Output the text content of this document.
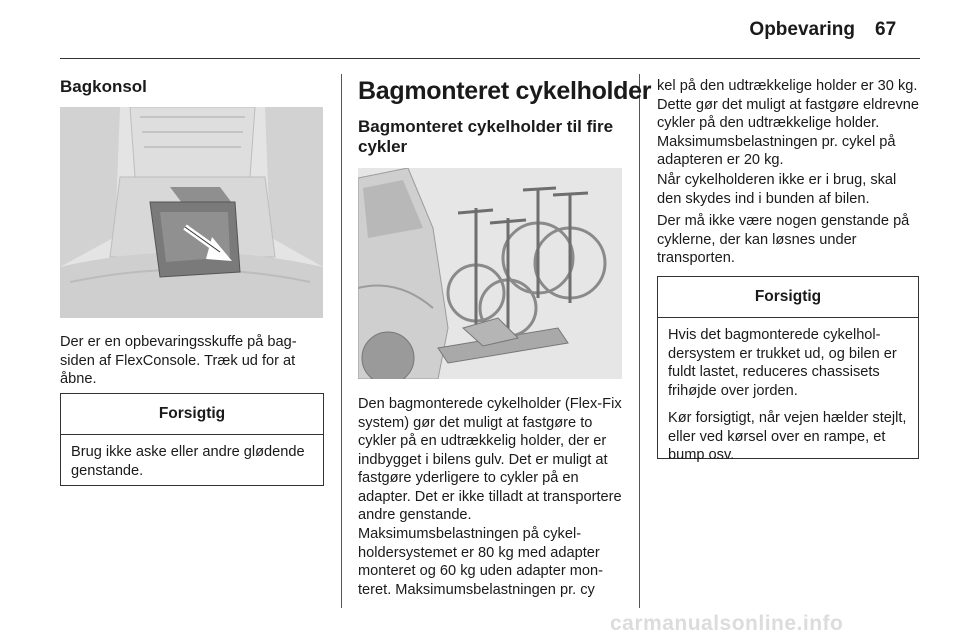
Opbevaring 67
Bagkonsol

Der er en opbevaringsskuffe på bagsiden af FlexConsole. Træk ud for at åbne.

Forsigtig

Brug ikke aske eller andre glødende genstande.

Bagmonteret cykelholder
Bagmonteret cykelholder til fire cykler

Den bagmonterede cykelholder (Flex-Fix system) gør det muligt at fastgøre to cykler på en udtrækkelig holder, der er indbygget i bilens gulv. Det er muligt at fastgøre yderligere to cykler på en adapter. Det er ikke tilladt at transportere andre genstande.

Maksimumsbelastningen på cykelholdersystemet er 80 kg med adapter monteret og 60 kg uden adapter monteret. Maksimumsbelastningen pr. cy

kel på den udtrækkelige holder er 30 kg. Dette gør det muligt at fastgøre eldrevne cykler på den udtrækkelige holder. Maksimumsbelastningen pr. cykel på adapteren er 20 kg.

Når cykelholderen ikke er i brug, skal den skydes ind i bunden af bilen.

Der må ikke være nogen genstande på cyklerne, der kan løsnes under transporten.

Forsigtig

Hvis det bagmonterede cykelholdersystem er trukket ud, og bilen er fuldt lastet, reduceres chassisets frihøjde over jorden.

Kør forsigtigt, når vejen hælder stejlt, eller ved kørsel over en rampe, et bump osv.

carmanualsonline.info
